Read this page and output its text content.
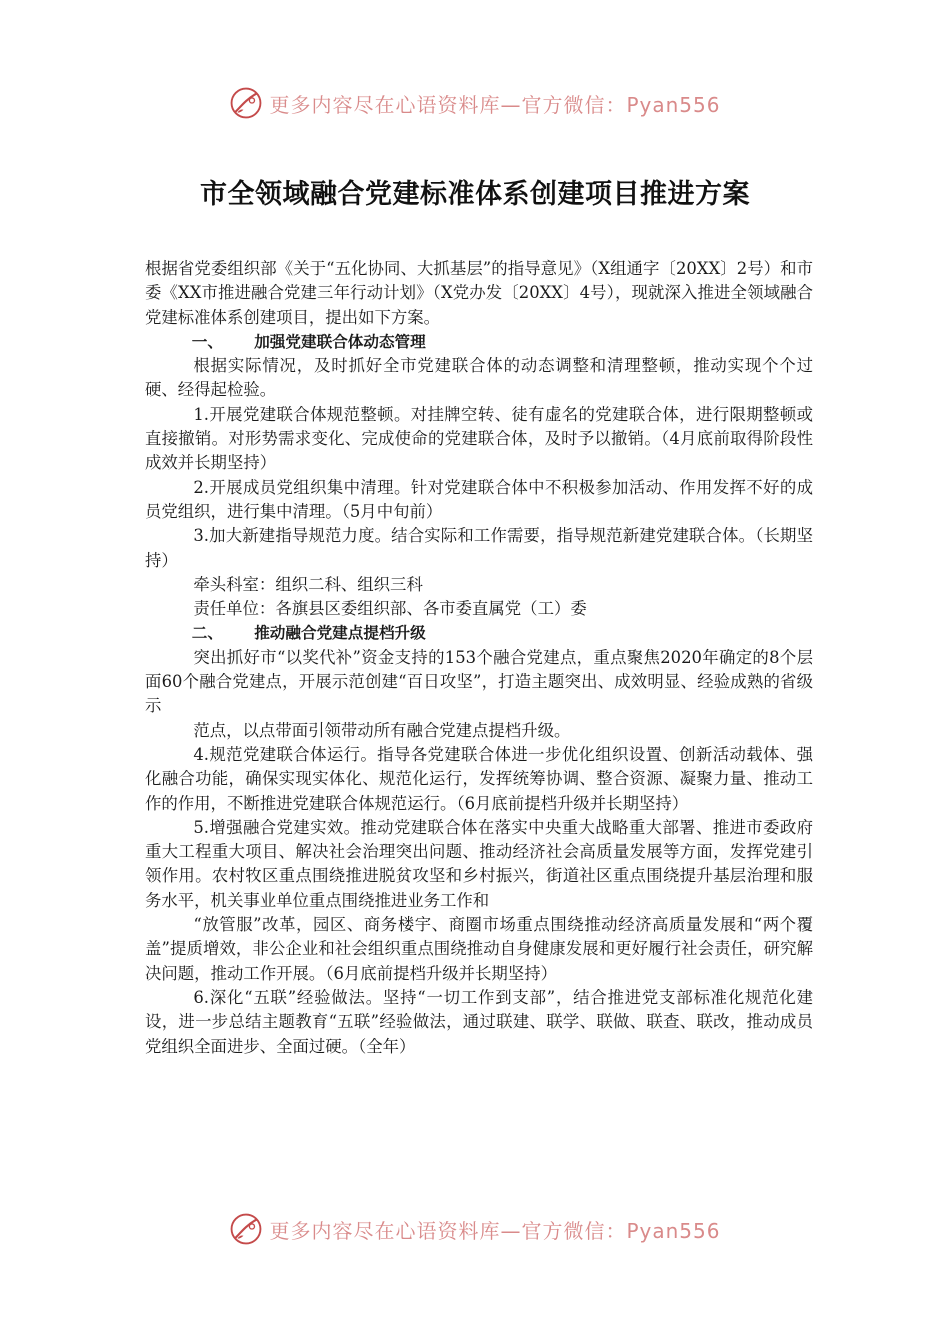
更多内容尽在心语资料库—官方微信：Pyan556
市全领域融合党建标准体系创建项目推进方案

根据省党委组织部《关于“五化协同、大抓基层”的指导意见》（X组通字〔20XX〕2号）和市委《XX市推进融合党建三年行动计划》（X党办发〔20XX〕4号），现就深入推进全领域融合党建标准体系创建项目，提出如下方案。

一、 加强党建联合体动态管理

根据实际情况，及时抓好全市党建联合体的动态调整和清理整顿，推动实现个个过硬、经得起检验。

1.开展党建联合体规范整顿。对挂牌空转、徒有虚名的党建联合体，进行限期整顿或直接撤销。对形势需求变化、完成使命的党建联合体，及时予以撤销。（4月底前取得阶段性成效并长期坚持）

2.开展成员党组织集中清理。针对党建联合体中不积极参加活动、作用发挥不好的成员党组织，进行集中清理。（5月中旬前）

3.加大新建指导规范力度。结合实际和工作需要，指导规范新建党建联合体。（长期坚持）

牵头科室：组织二科、组织三科

责任单位：各旗县区委组织部、各市委直属党（工）委

二、 推动融合党建点提档升级

突出抓好市“以奖代补”资金支持的153个融合党建点，重点聚焦2020年确定的8个层面60个融合党建点，开展示范创建“百日攻坚”，打造主题突出、成效明显、经验成熟的省级示

范点，以点带面引领带动所有融合党建点提档升级。

4.规范党建联合体运行。指导各党建联合体进一步优化组织设置、创新活动载体、强化融合功能，确保实现实体化、规范化运行，发挥统筹协调、整合资源、凝聚力量、推动工作的作用，不断推进党建联合体规范运行。（6月底前提档升级并长期坚持）

5.增强融合党建实效。推动党建联合体在落实中央重大战略重大部署、推进市委政府重大工程重大项目、解决社会治理突出问题、推动经济社会高质量发展等方面，发挥党建引领作用。农村牧区重点围绕推进脱贫攻坚和乡村振兴，街道社区重点围绕提升基层治理和服务水平，机关事业单位重点围绕推进业务工作和

“放管服”改革，园区、商务楼宇、商圈市场重点围绕推动经济高质量发展和“两个覆盖”提质增效，非公企业和社会组织重点围绕推动自身健康发展和更好履行社会责任，研究解决问题，推动工作开展。（6月底前提档升级并长期坚持）

6.深化“五联”经验做法。坚持“一切工作到支部”，结合推进党支部标准化规范化建设，进一步总结主题教育“五联”经验做法，通过联建、联学、联做、联查、联改，推动成员党组织全面进步、全面过硬。（全年）

更多内容尽在心语资料库—官方微信：Pyan556
